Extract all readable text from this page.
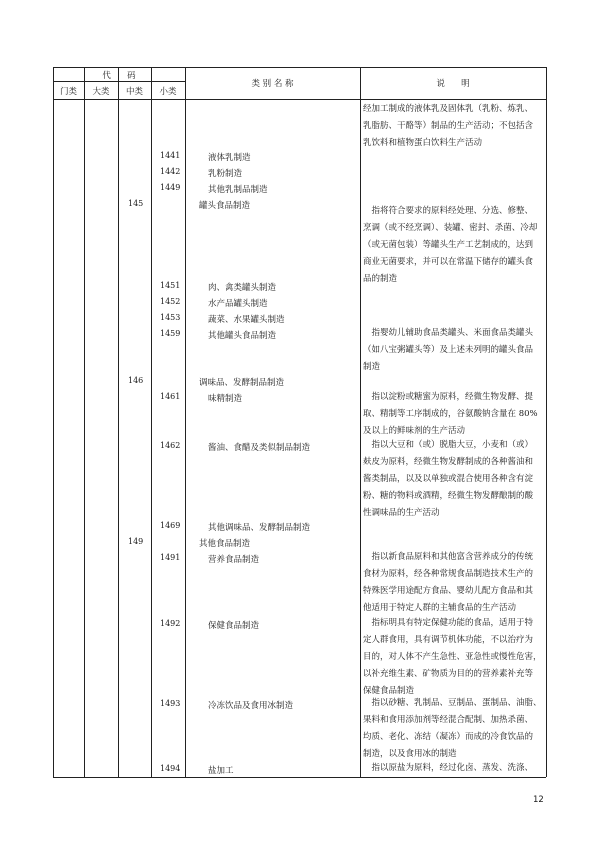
代      码
门类	大类	中类	小类
类 别 名 称	说      明
经加工制成的液体乳及固体乳（乳粉、炼乳、
乳脂肪、干酪等）制品的生产活动；不包括含
乳饮料和植物蛋白饮料生产活动
1441	液体乳制造
1442	乳粉制造
1449	其他乳制品制造
145	罐头食品制造	指将符合要求的原料经处理、分选、修整、
烹调（或不经烹调）、装罐、密封、杀菌、冷却
（或无菌包装）等罐头生产工艺制成的，达到
商业无菌要求，并可以在常温下储存的罐头食
品的制造
1451	肉、禽类罐头制造
1452	水产品罐头制造
1453	蔬菜、水果罐头制造
1459	其他罐头食品制造	指婴幼儿辅助食品类罐头、米面食品类罐头
（如八宝粥罐头等）及上述未列明的罐头食品
制造
146	调味品、发酵制品制造
1461	味精制造	指以淀粉或糖蜜为原料，经微生物发酵、提
取、精制等工序制成的，谷氨酸钠含量在 80%
及以上的鲜味剂的生产活动
1462	酱油、食醋及类似制品制造	指以大豆和（或）脱脂大豆，小麦和（或）
麸皮为原料，经微生物发酵制成的各种酱油和
酱类制品，以及以单独或混合使用各种含有淀
粉、糖的物料或酒精，经微生物发酵酿制的酸
性调味品的生产活动
1469	其他调味品、发酵制品制造
149	其他食品制造
1491	营养食品制造	指以新食品原料和其他富含营养成分的传统
食材为原料，经各种常规食品制造技术生产的
特殊医学用途配方食品、婴幼儿配方食品和其
他适用于特定人群的主辅食品的生产活动
1492	保健食品制造	指标明具有特定保健功能的食品，适用于特
定人群食用，具有调节机体功能，不以治疗为
目的，对人体不产生急性、亚急性或慢性危害，
以补充维生素、矿物质为目的的营养素补充等
保健食品制造
1493	冷冻饮品及食用冰制造	指以砂糖、乳制品、豆制品、蛋制品、油脂、
果料和食用添加剂等经混合配制、加热杀菌、
均质、老化、冻结（凝冻）而成的冷食饮品的
制造，以及食用冰的制造
1494	盐加工	指以原盐为原料，经过化卤、蒸发、洗涤、
12
